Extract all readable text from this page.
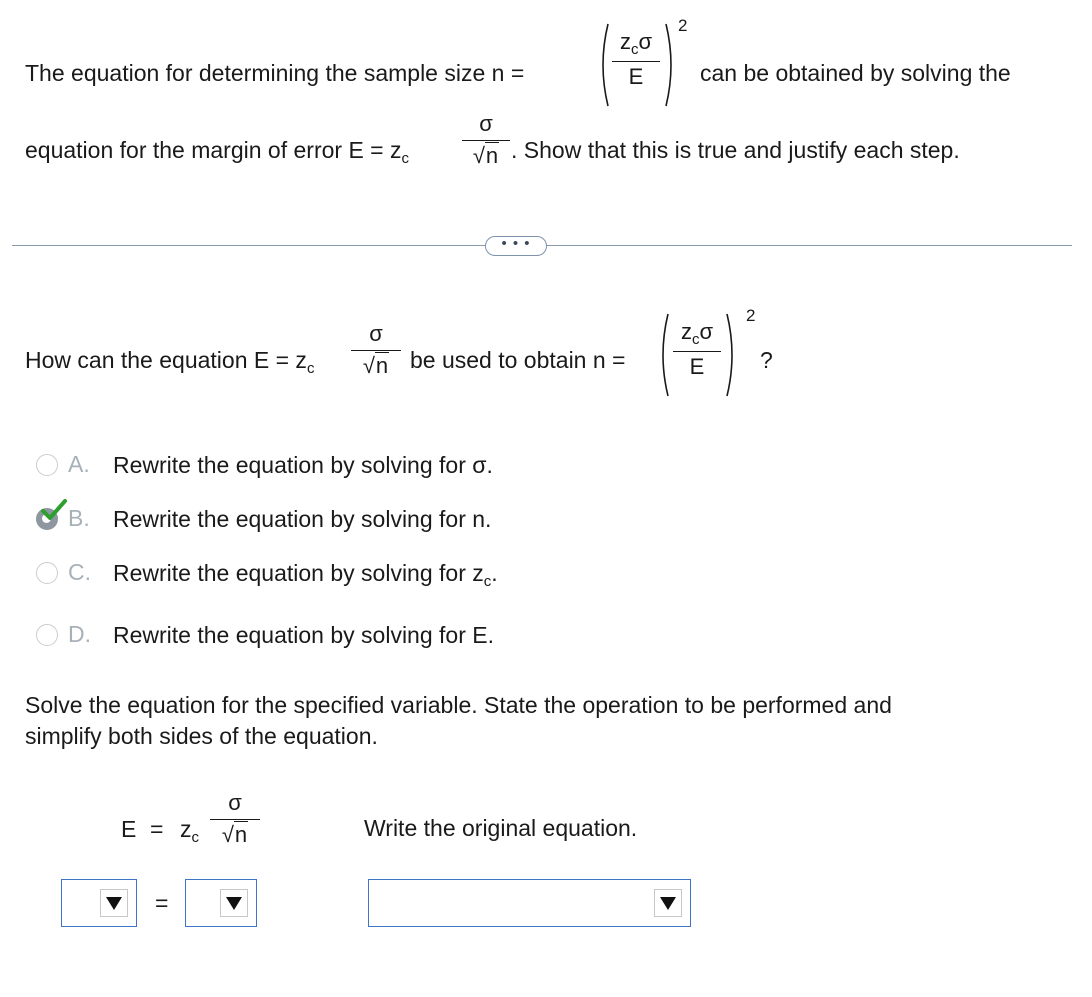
The equation for determining the sample size n =
$z_c\sigma$
E
2
can be obtained by solving the
equation for the margin of error $E = z_c$
σ
√n . Show that this is true and justify each step.
• • •
How can the equation $E = z_c$
σ
√n be used to obtain n =
$z_c\sigma$
E
2
?
A. Rewrite the equation by solving for σ.
B. Rewrite the equation by solving for n.
C. Rewrite the equation by solving for $z_c$.
D. Rewrite the equation by solving for E.
Solve the equation for the specified variable. State the operation to be performed and
simplify both sides of the equation.
$E = z_c$
σ
√n	Write the original equation.
=
